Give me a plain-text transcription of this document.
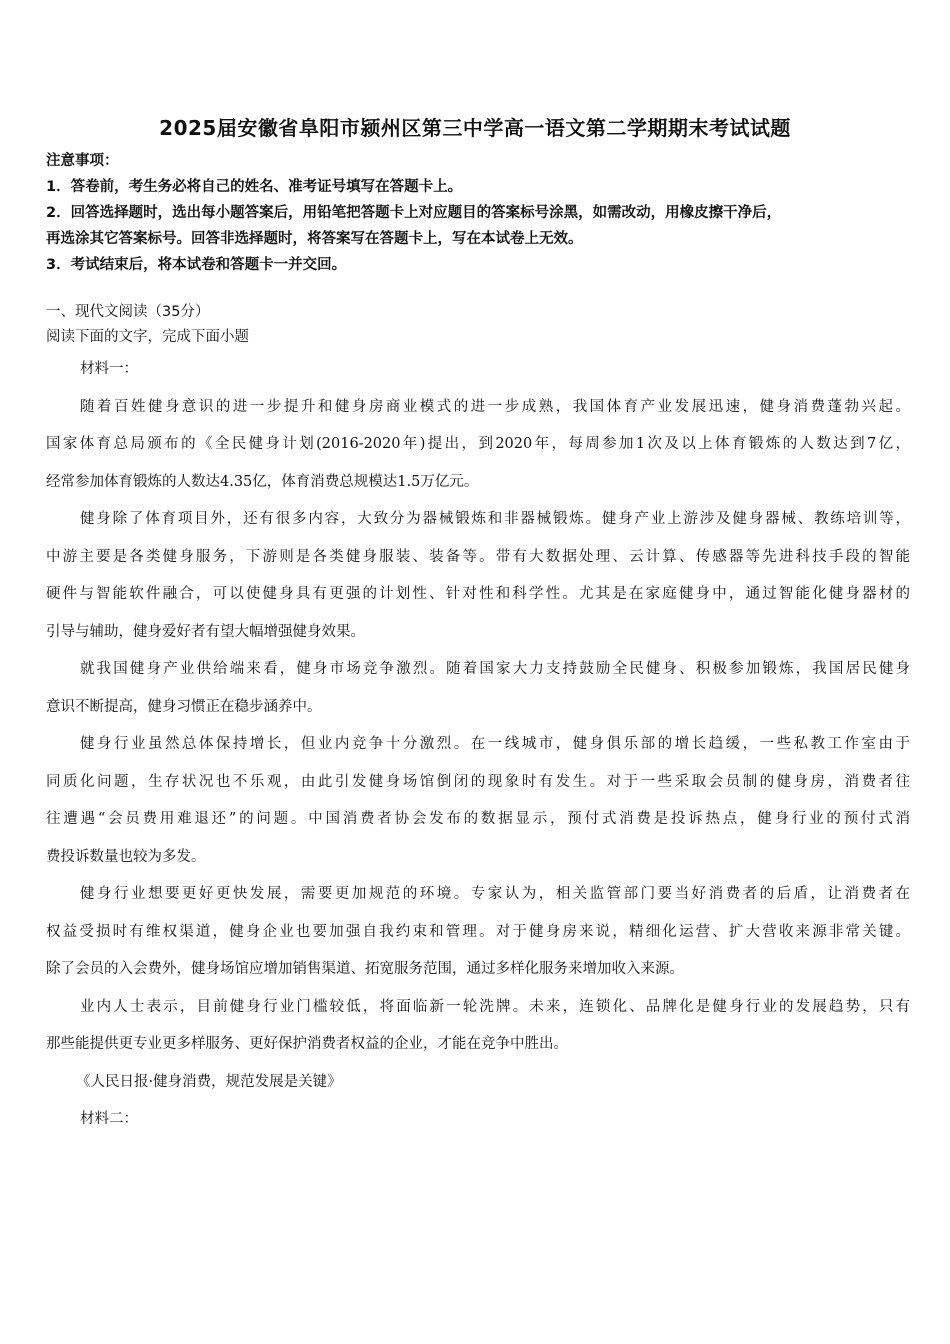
2025届安徽省阜阳市颍州区第三中学高一语文第二学期期末考试试题
注意事项：
1．答卷前，考生务必将自己的姓名、准考证号填写在答题卡上。
2．回答选择题时，选出每小题答案后，用铅笔把答题卡上对应题目的答案标号涂黑，如需改动，用橡皮擦干净后，
再选涂其它答案标号。回答非选择题时，将答案写在答题卡上，写在本试卷上无效。
3．考试结束后，将本试卷和答题卡一并交回。
一、现代文阅读（35分）
阅读下面的文字，完成下面小题
材料一：
随着百姓健身意识的进一步提升和健身房商业模式的进一步成熟，我国体育产业发展迅速，健身消费蓬勃兴起。
国家体育总局颁布的《全民健身计划(2016-2020年)提出，到2020年，每周参加1次及以上体育锻炼的人数达到7亿，
经常参加体育锻炼的人数达4.35亿，体育消费总规模达1.5万亿元。
健身除了体育项目外，还有很多内容，大致分为器械锻炼和非器械锻炼。健身产业上游涉及健身器械、教练培训等，
中游主要是各类健身服务，下游则是各类健身服装、装备等。带有大数据处理、云计算、传感器等先进科技手段的智能
硬件与智能软件融合，可以使健身具有更强的计划性、针对性和科学性。尤其是在家庭健身中，通过智能化健身器材的
引导与辅助，健身爱好者有望大幅增强健身效果。
就我国健身产业供给端来看，健身市场竞争激烈。随着国家大力支持鼓励全民健身、积极参加锻炼，我国居民健身
意识不断提高，健身习惯正在稳步涵养中。
健身行业虽然总体保持增长，但业内竞争十分激烈。在一线城市，健身俱乐部的增长趋缓，一些私教工作室由于
同质化问题，生存状况也不乐观，由此引发健身场馆倒闭的现象时有发生。对于一些采取会员制的健身房，消费者往
往遭遇“会员费用难退还”的问题。中国消费者协会发布的数据显示，预付式消费是投诉热点，健身行业的预付式消
费投诉数量也较为多发。
健身行业想要更好更快发展，需要更加规范的环境。专家认为，相关监管部门要当好消费者的后盾，让消费者在
权益受损时有维权渠道，健身企业也要加强自我约束和管理。对于健身房来说，精细化运营、扩大营收来源非常关键。
除了会员的入会费外，健身场馆应增加销售渠道、拓宽服务范围，通过多样化服务来增加收入来源。
业内人士表示，目前健身行业门槛较低，将面临新一轮洗牌。未来，连锁化、品牌化是健身行业的发展趋势，只有
那些能提供更专业更多样服务、更好保护消费者权益的企业，才能在竞争中胜出。
《人民日报·健身消费，规范发展是关键》
材料二：
